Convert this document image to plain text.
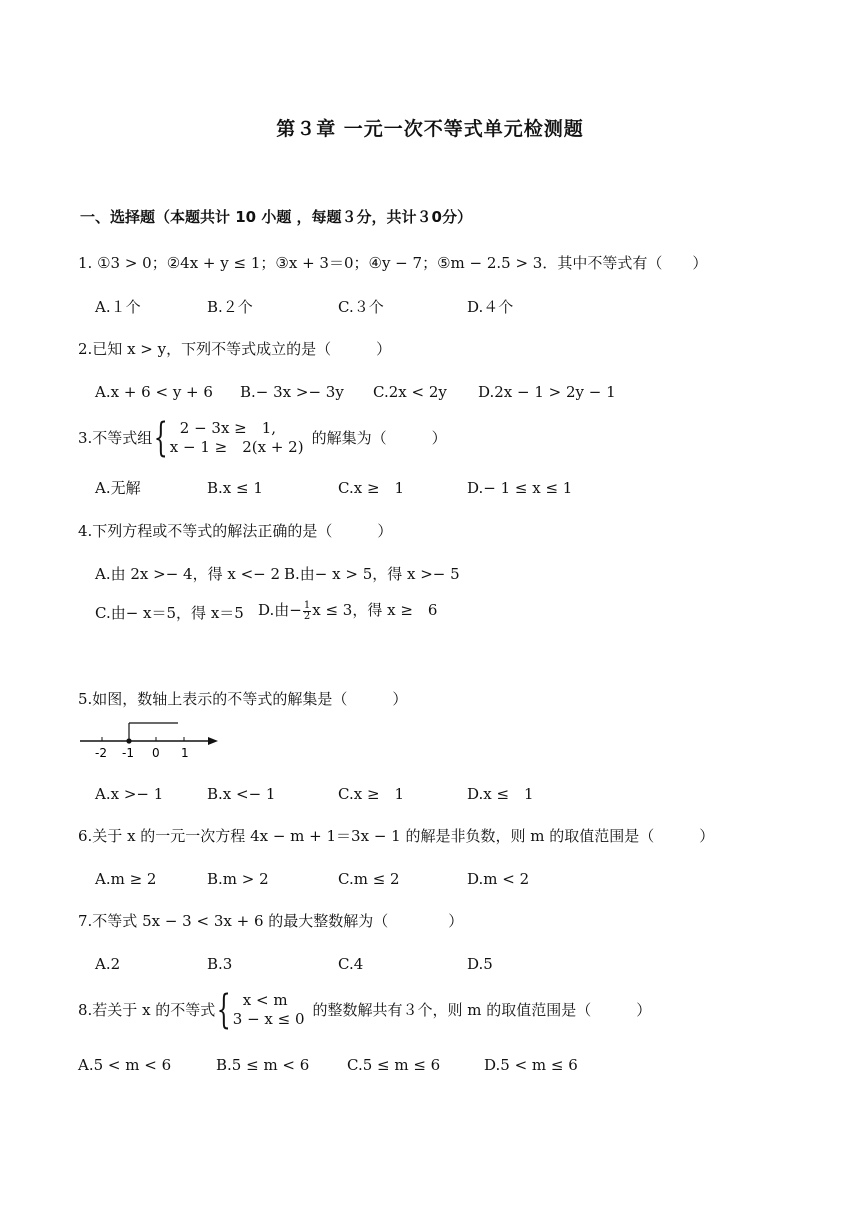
第３章 一元一次不等式单元检测题
一、选择题（本题共计 10 小题 ，每题３分，共计３0分）
1. ①3 > 0；②4x + y ≤ 1；③x + 3＝0；④y − 7；⑤m − 2.5 > 3．其中不等式有（　　）
A.１个	B.２个	C.３个	D.４个
2.已知 x > y，下列不等式成立的是（　　　）
A.x + 6 < y + 6 B.− 3x >− 3y C.2x < 2y D.2x − 1 > 2y − 1
3.不等式组 { 2 − 3x ≥　1,
x − 1 ≥　2(x + 2) 的解集为（　　　）
A.无解	B.x ≤ 1	C.x ≥　1	D.− 1 ≤ x ≤ 1
4.下列方程或不等式的解法正确的是（　　　）
A.由 2x >− 4，得 x <− 2 B.由− x > 5，得 x >− 5
C.由− x＝5，得 x＝5 D.由− $\frac{1}{2}$ x ≤ 3，得 x ≥　6
5.如图，数轴上表示的不等式的解集是（　　　）
-2 -1 0 1
A.x >− 1	B.x <− 1	C.x ≥　1	D.x ≤　1
6.关于 x 的一元一次方程 4x − m + 1＝3x − 1 的解是非负数，则 m 的取值范围是（　　　）
A.m ≥ 2	B.m > 2	C.m ≤ 2	D.m < 2
7.不等式 5x − 3 < 3x + 6 的最大整数解为（　　　　）
A.2	B.3	C.4	D.5
8.若关于 x 的不等式 { x < m
3 − x ≤ 0 的整数解共有３个，则 m 的取值范围是（　　　）
A.5 < m < 6	B.5 ≤ m < 6	C.5 ≤ m ≤ 6	D.5 < m ≤ 6
